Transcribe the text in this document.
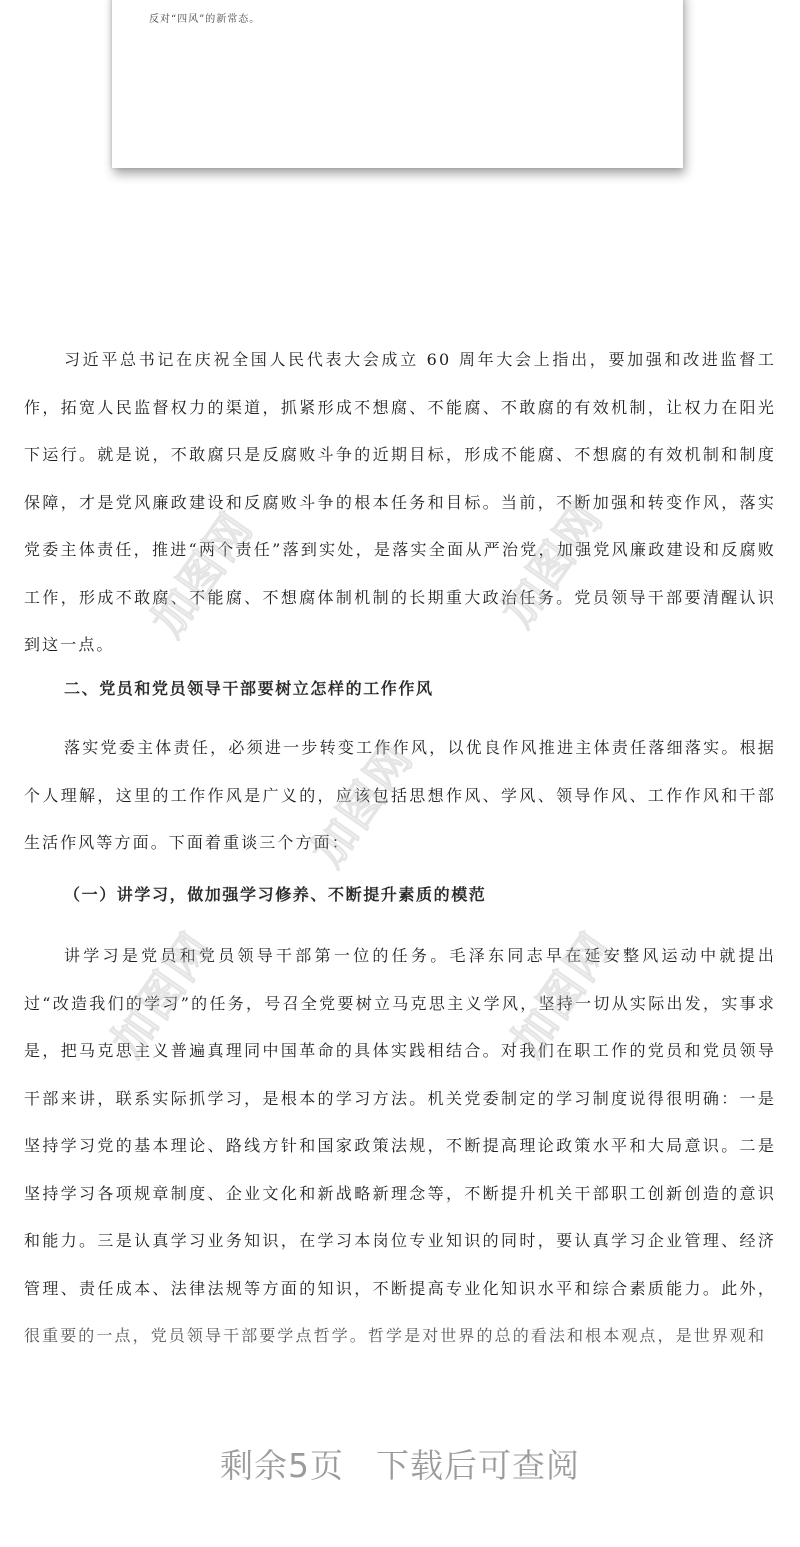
反对“四风”的新常态。

习近平总书记在庆祝全国人民代表大会成立 60 周年大会上指出，要加强和改进监督工作，拓宽人民监督权力的渠道，抓紧形成不想腐、不能腐、不敢腐的有效机制，让权力在阳光下运行。就是说，不敢腐只是反腐败斗争的近期目标，形成不能腐、不想腐的有效机制和制度保障，才是党风廉政建设和反腐败斗争的根本任务和目标。当前，不断加强和转变作风，落实党委主体责任，推进“两个责任”落到实处，是落实全面从严治党，加强党风廉政建设和反腐败工作，形成不敢腐、不能腐、不想腐体制机制的长期重大政治任务。党员领导干部要清醒认识到这一点。

二、党员和党员领导干部要树立怎样的工作作风

落实党委主体责任，必须进一步转变工作作风，以优良作风推进主体责任落细落实。根据个人理解，这里的工作作风是广义的，应该包括思想作风、学风、领导作风、工作作风和干部生活作风等方面。下面着重谈三个方面：

（一）讲学习，做加强学习修养、不断提升素质的模范

讲学习是党员和党员领导干部第一位的任务。毛泽东同志早在延安整风运动中就提出过“改造我们的学习”的任务，号召全党要树立马克思主义学风，坚持一切从实际出发，实事求是，把马克思主义普遍真理同中国革命的具体实践相结合。对我们在职工作的党员和党员领导干部来讲，联系实际抓学习，是根本的学习方法。机关党委制定的学习制度说得很明确：一是坚持学习党的基本理论、路线方针和国家政策法规，不断提高理论政策水平和大局意识。二是坚持学习各项规章制度、企业文化和新战略新理念等，不断提升机关干部职工创新创造的意识和能力。三是认真学习业务知识，在学习本岗位专业知识的同时，要认真学习企业管理、经济管理、责任成本、法律法规等方面的知识，不断提高专业化知识水平和综合素质能力。此外，很重要的一点，党员领导干部要学点哲学。哲学是对世界的总的看法和根本观点，是世界观和

加图网	加图网
加图网
加图网	加图网
剩余5页 下载后可查阅
